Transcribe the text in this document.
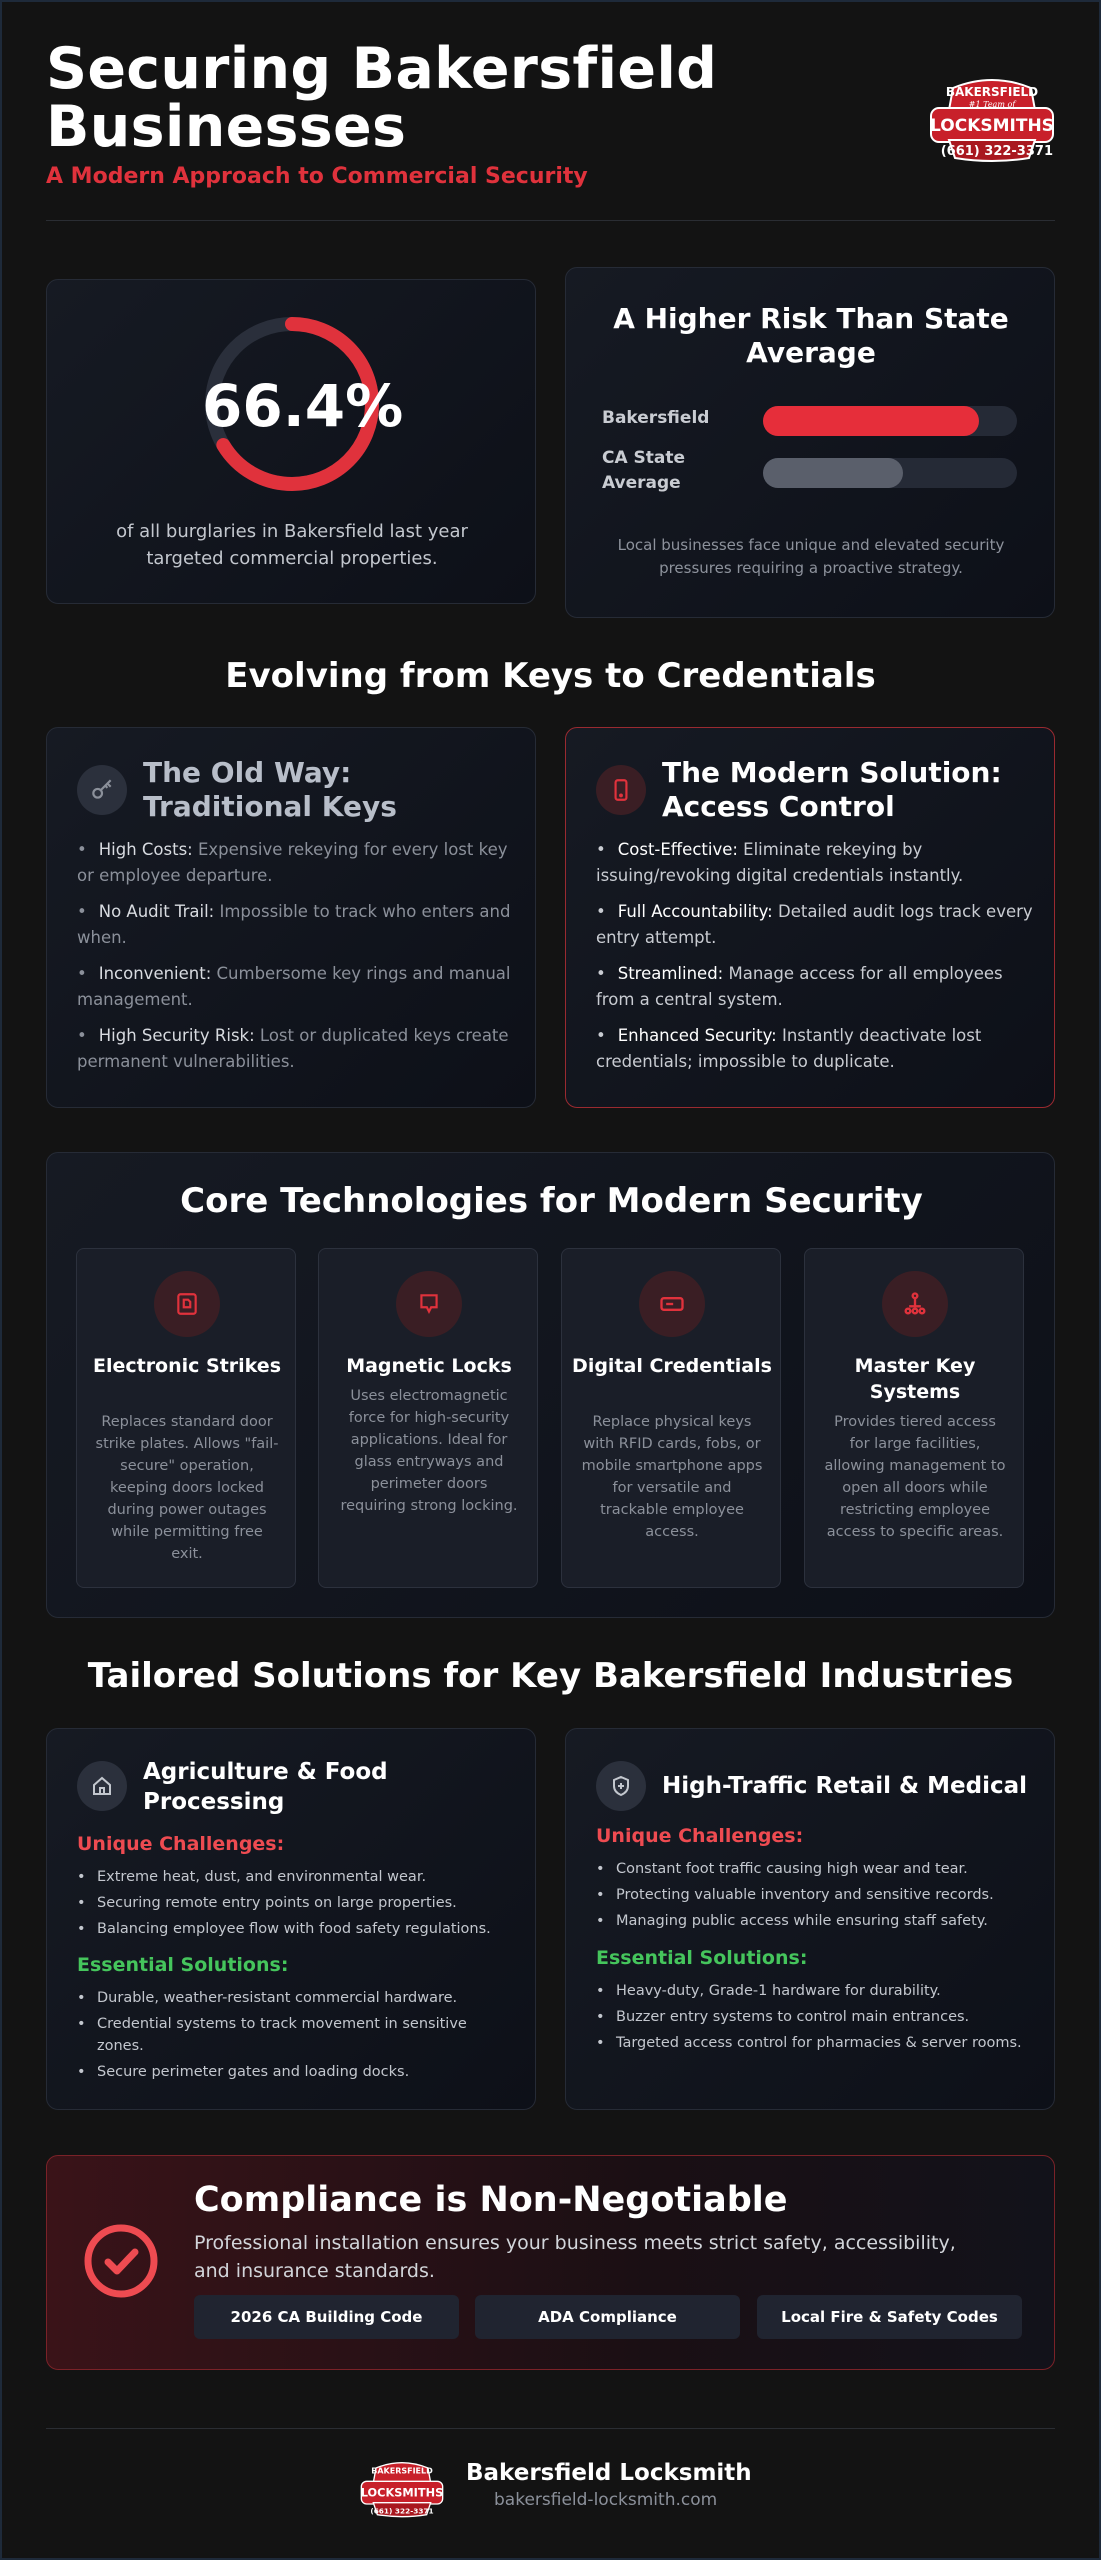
Securing Bakersfield Businesses
A Modern Approach to Commercial Security
BAKERSFIELD
#1 Team of
LOCKSMITHS
(661) 322-3371
66.4%
of all burglaries in Bakersfield last year targeted commercial properties.
A Higher Risk Than State Average
Bakersfield
CA State Average
Local businesses face unique and elevated security pressures requiring a proactive strategy.
Evolving from Keys to Credentials
The Old Way: Traditional Keys
• High Costs: Expensive rekeying for every lost key or employee departure.
• No Audit Trail: Impossible to track who enters and when.
• Inconvenient: Cumbersome key rings and manual management.
• High Security Risk: Lost or duplicated keys create permanent vulnerabilities.
The Modern Solution: Access Control
• Cost-Effective: Eliminate rekeying by issuing/revoking digital credentials instantly.
• Full Accountability: Detailed audit logs track every entry attempt.
• Streamlined: Manage access for all employees from a central system.
• Enhanced Security: Instantly deactivate lost credentials; impossible to duplicate.
Core Technologies for Modern Security
Electronic Strikes
Replaces standard door strike plates. Allows "fail-secure" operation, keeping doors locked during power outages while permitting free exit.
Magnetic Locks
Uses electromagnetic force for high-security applications. Ideal for glass entryways and perimeter doors requiring strong locking.
Digital Credentials
Replace physical keys with RFID cards, fobs, or mobile smartphone apps for versatile and trackable employee access.
Master Key Systems
Provides tiered access for large facilities, allowing management to open all doors while restricting employee access to specific areas.
Tailored Solutions for Key Bakersfield Industries
Agriculture & Food Processing
Unique Challenges:
• Extreme heat, dust, and environmental wear.
• Securing remote entry points on large properties.
• Balancing employee flow with food safety regulations.
Essential Solutions:
• Durable, weather-resistant commercial hardware.
• Credential systems to track movement in sensitive zones.
• Secure perimeter gates and loading docks.
High-Traffic Retail & Medical
Unique Challenges:
• Constant foot traffic causing high wear and tear.
• Protecting valuable inventory and sensitive records.
• Managing public access while ensuring staff safety.
Essential Solutions:
• Heavy-duty, Grade-1 hardware for durability.
• Buzzer entry systems to control main entrances.
• Targeted access control for pharmacies & server rooms.
Compliance is Non-Negotiable
Professional installation ensures your business meets strict safety, accessibility, and insurance standards.
2026 CA Building Code	ADA Compliance	Local Fire & Safety Codes
BAKERSFIELD
LOCKSMITHS
(661) 322-3371
Bakersfield Locksmith
bakersfield-locksmith.com
